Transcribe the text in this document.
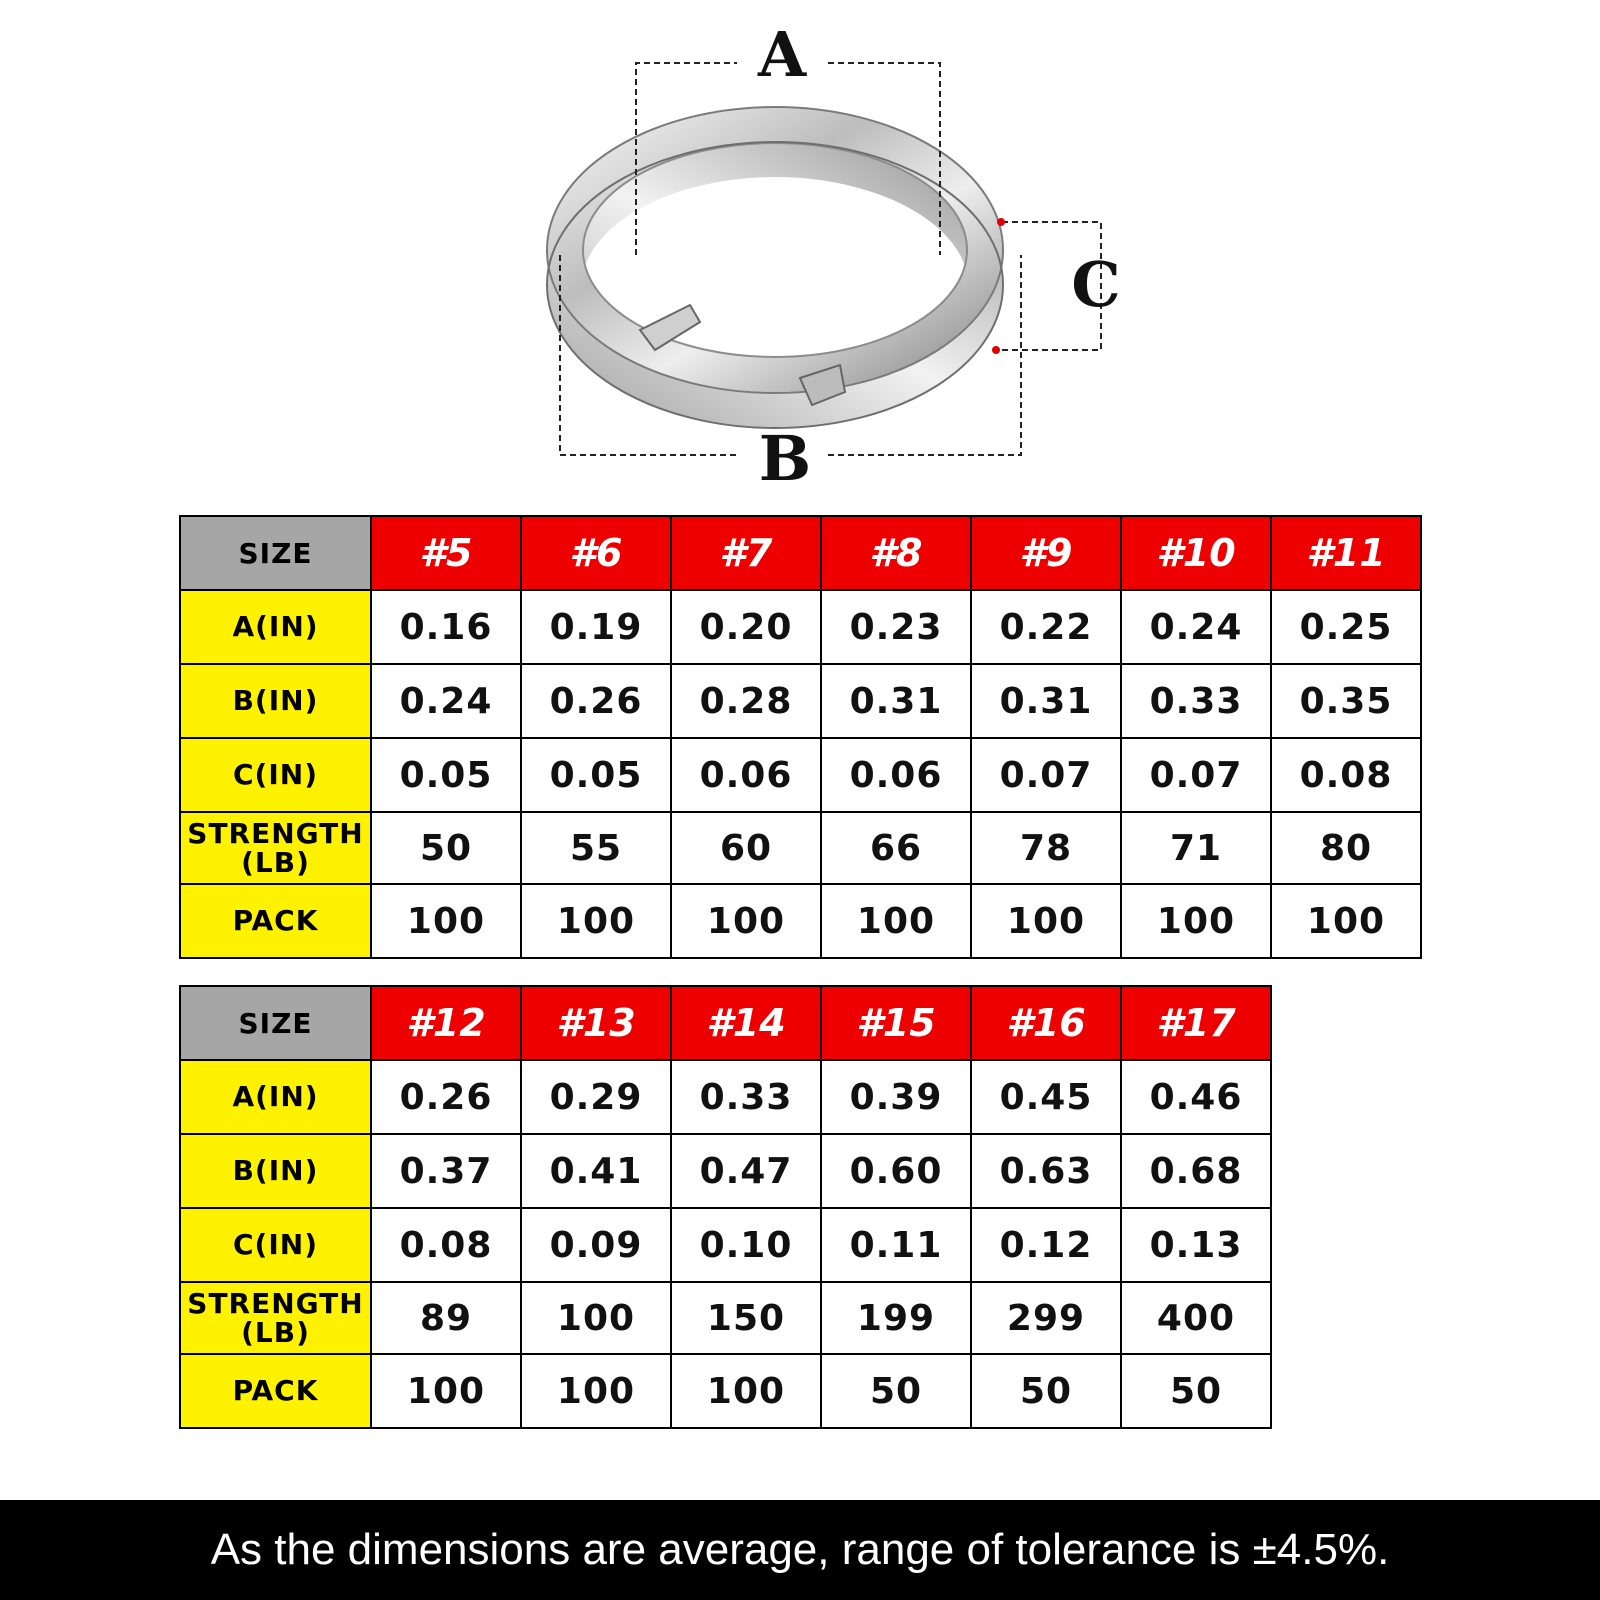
A
B
C
SIZE	#5	#6	#7	#8	#9	#10	#11
A(IN)	0.16	0.19	0.20	0.23	0.22	0.24	0.25
B(IN)	0.24	0.26	0.28	0.31	0.31	0.33	0.35
C(IN)	0.05	0.05	0.06	0.06	0.07	0.07	0.08
STRENGTH
(LB)	50	55	60	66	78	71	80
PACK	100	100	100	100	100	100	100
SIZE	#12	#13	#14	#15	#16	#17
A(IN)	0.26	0.29	0.33	0.39	0.45	0.46
B(IN)	0.37	0.41	0.47	0.60	0.63	0.68
C(IN)	0.08	0.09	0.10	0.11	0.12	0.13
STRENGTH
(LB)	89	100	150	199	299	400
PACK	100	100	100	50	50	50
As the dimensions are average, range of tolerance is ±4.5%.
